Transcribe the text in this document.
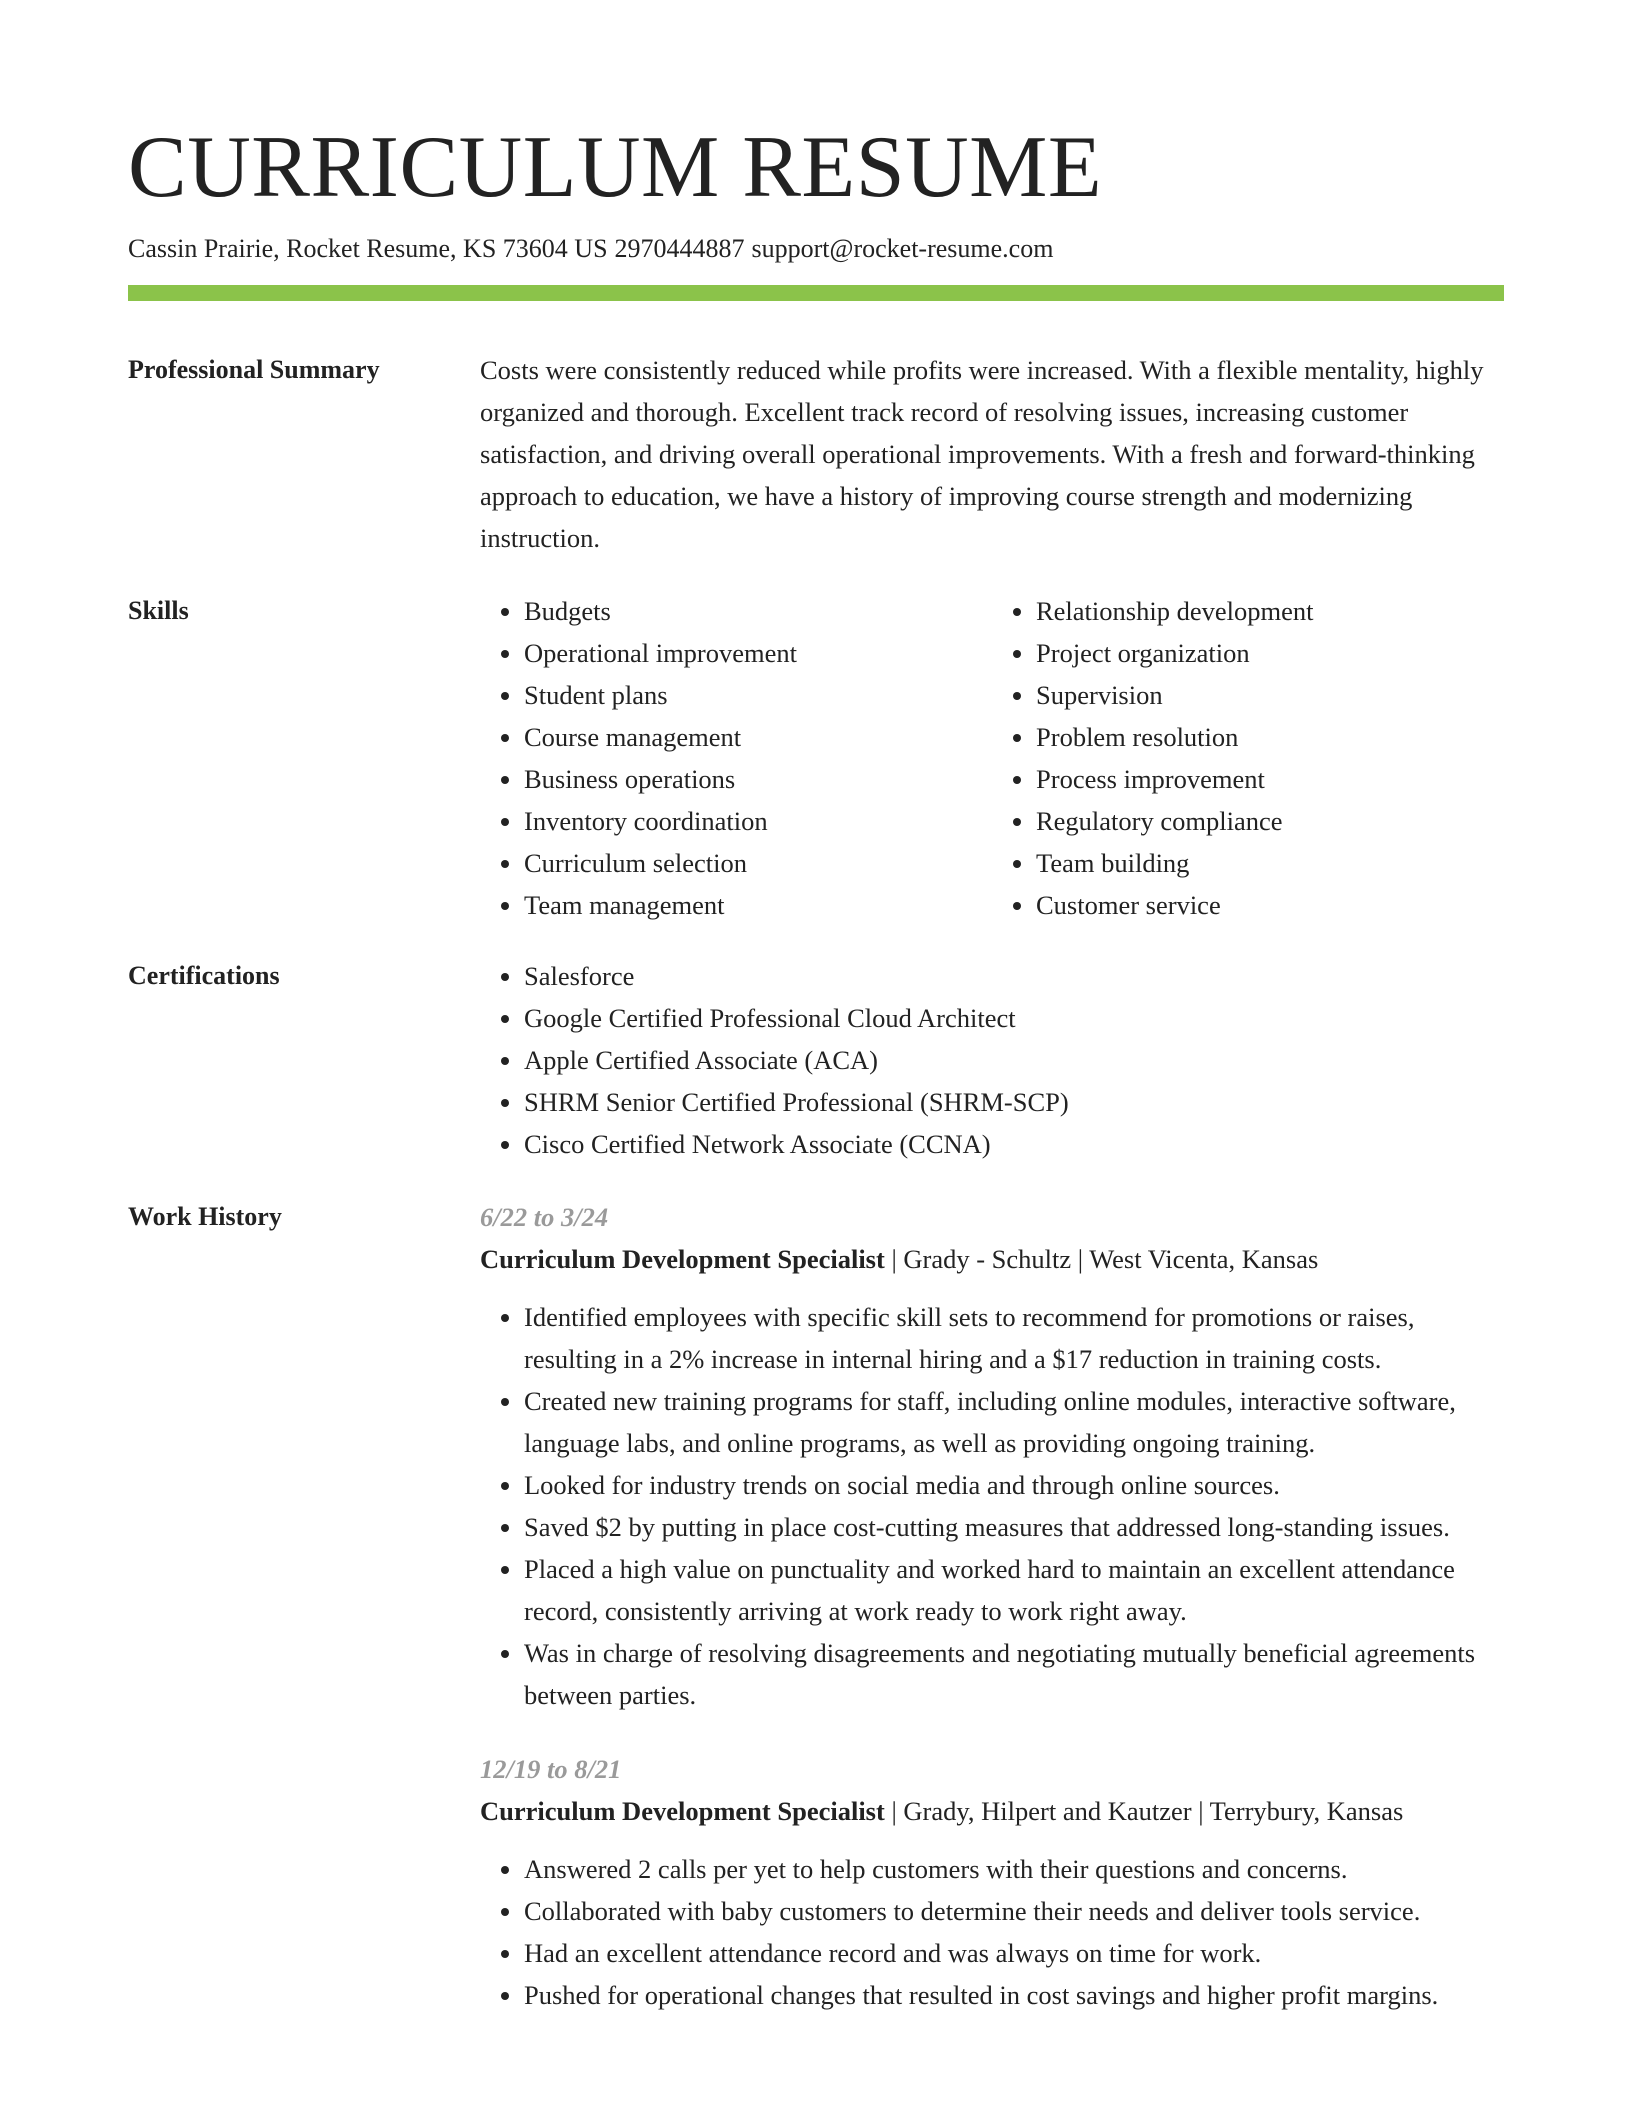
CURRICULUM RESUME
Cassin Prairie, Rocket Resume, KS 73604 US 2970444887 support@rocket-resume.com
Professional Summary	Costs were consistently reduced while profits were increased. With a flexible mentality, highly organized and thorough. Excellent track record of resolving issues, increasing customer satisfaction, and driving overall operational improvements. With a fresh and forward-thinking approach to education, we have a history of improving course strength and modernizing instruction.

Skills	• Budgets
• Operational improvement
• Student plans
• Course management
• Business operations
• Inventory coordination
• Curriculum selection
• Team management
• Relationship development
• Project organization
• Supervision
• Problem resolution
• Process improvement
• Regulatory compliance
• Team building
• Customer service
Certifications	• Salesforce
• Google Certified Professional Cloud Architect
• Apple Certified Associate (ACA)
• SHRM Senior Certified Professional (SHRM-SCP)
• Cisco Certified Network Associate (CCNA)
Work History	6/22 to 3/24
Curriculum Development Specialist | Grady - Schultz | West Vicenta, Kansas
• Identified employees with specific skill sets to recommend for promotions or raises, resulting in a 2% increase in internal hiring and a $17 reduction in training costs.
• Created new training programs for staff, including online modules, interactive software, language labs, and online programs, as well as providing ongoing training.
• Looked for industry trends on social media and through online sources.
• Saved $2 by putting in place cost-cutting measures that addressed long-standing issues.
• Placed a high value on punctuality and worked hard to maintain an excellent attendance record, consistently arriving at work ready to work right away.
• Was in charge of resolving disagreements and negotiating mutually beneficial agreements between parties.
12/19 to 8/21
Curriculum Development Specialist | Grady, Hilpert and Kautzer | Terrybury, Kansas
• Answered 2 calls per yet to help customers with their questions and concerns.
• Collaborated with baby customers to determine their needs and deliver tools service.
• Had an excellent attendance record and was always on time for work.
• Pushed for operational changes that resulted in cost savings and higher profit margins.
